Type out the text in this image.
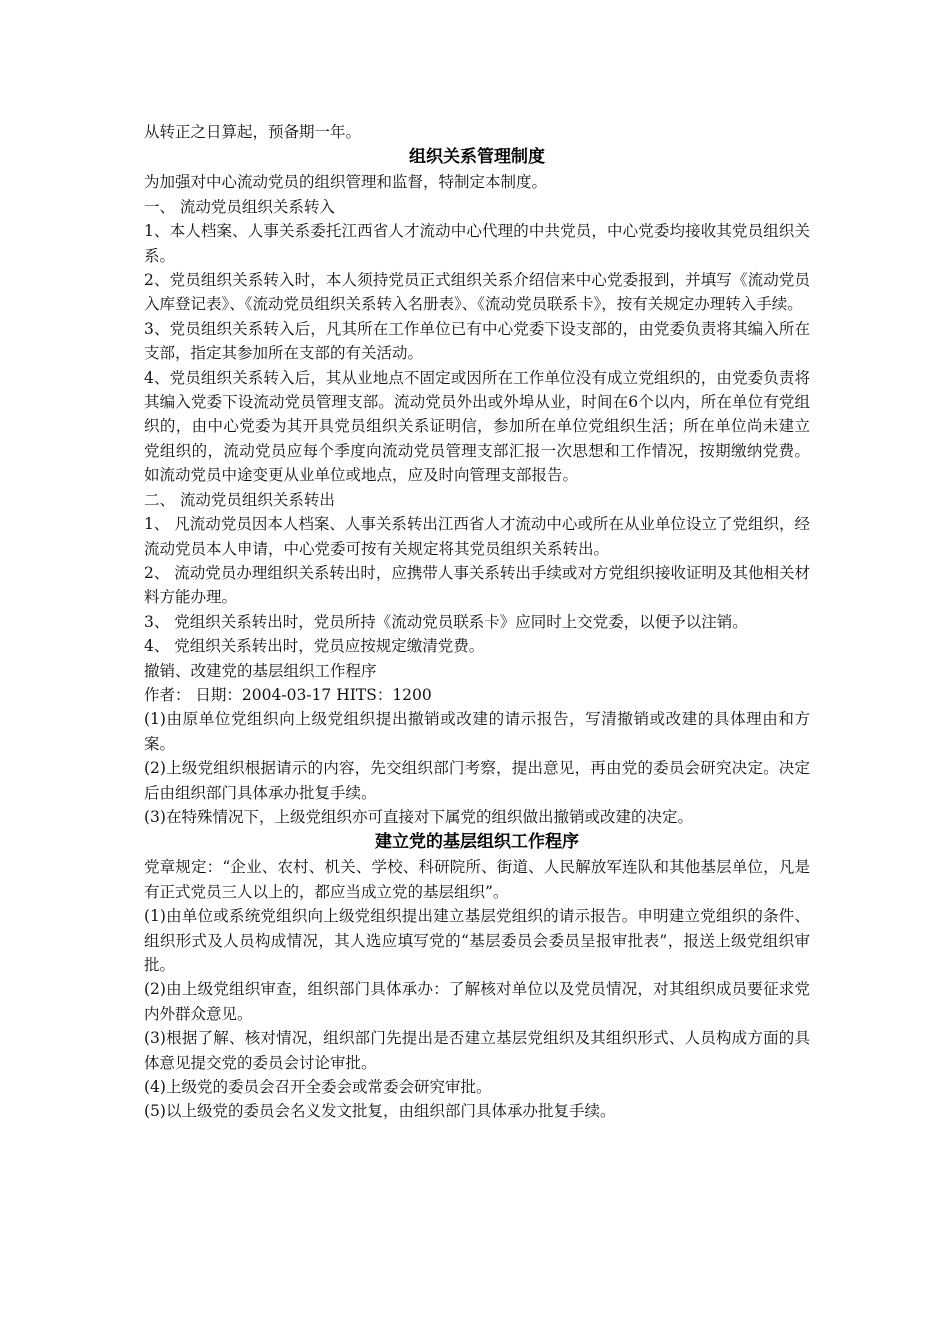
从转正之日算起，预备期一年。

组织关系管理制度

为加强对中心流动党员的组织管理和监督，特制定本制度。

一、 流动党员组织关系转入

1、本人档案、人事关系委托江西省人才流动中心代理的中共党员，中心党委均接收其党员组织关系。

2、党员组织关系转入时，本人须持党员正式组织关系介绍信来中心党委报到，并填写《流动党员入库登记表》、《流动党员组织关系转入名册表》、《流动党员联系卡》，按有关规定办理转入手续。

3、党员组织关系转入后，凡其所在工作单位已有中心党委下设支部的，由党委负责将其编入所在支部，指定其参加所在支部的有关活动。

4、党员组织关系转入后，其从业地点不固定或因所在工作单位没有成立党组织的，由党委负责将其编入党委下设流动党员管理支部。流动党员外出或外埠从业，时间在6个以内，所在单位有党组织的，由中心党委为其开具党员组织关系证明信，参加所在单位党组织生活；所在单位尚未建立党组织的，流动党员应每个季度向流动党员管理支部汇报一次思想和工作情况，按期缴纳党费。如流动党员中途变更从业单位或地点，应及时向管理支部报告。

二、 流动党员组织关系转出

1、 凡流动党员因本人档案、人事关系转出江西省人才流动中心或所在从业单位设立了党组织，经流动党员本人申请，中心党委可按有关规定将其党员组织关系转出。

2、 流动党员办理组织关系转出时，应携带人事关系转出手续或对方党组织接收证明及其他相关材料方能办理。

3、 党组织关系转出时，党员所持《流动党员联系卡》应同时上交党委，以便予以注销。

4、 党组织关系转出时，党员应按规定缴清党费。

撤销、改建党的基层组织工作程序

作者： 日期：2004-03-17 HITS：1200

(1)由原单位党组织向上级党组织提出撤销或改建的请示报告，写清撤销或改建的具体理由和方案。

(2)上级党组织根据请示的内容，先交组织部门考察，提出意见，再由党的委员会研究决定。决定后由组织部门具体承办批复手续。

(3)在特殊情况下，上级党组织亦可直接对下属党的组织做出撤销或改建的决定。

建立党的基层组织工作程序

党章规定：“企业、农村、机关、学校、科研院所、街道、人民解放军连队和其他基层单位，凡是有正式党员三人以上的，都应当成立党的基层组织”。

(1)由单位或系统党组织向上级党组织提出建立基层党组织的请示报告。申明建立党组织的条件、组织形式及人员构成情况，其人选应填写党的“基层委员会委员呈报审批表”，报送上级党组织审批。

(2)由上级党组织审查，组织部门具体承办：了解核对单位以及党员情况，对其组织成员要征求党内外群众意见。

(3)根据了解、核对情况，组织部门先提出是否建立基层党组织及其组织形式、人员构成方面的具体意见提交党的委员会讨论审批。

(4)上级党的委员会召开全委会或常委会研究审批。

(5)以上级党的委员会名义发文批复，由组织部门具体承办批复手续。
